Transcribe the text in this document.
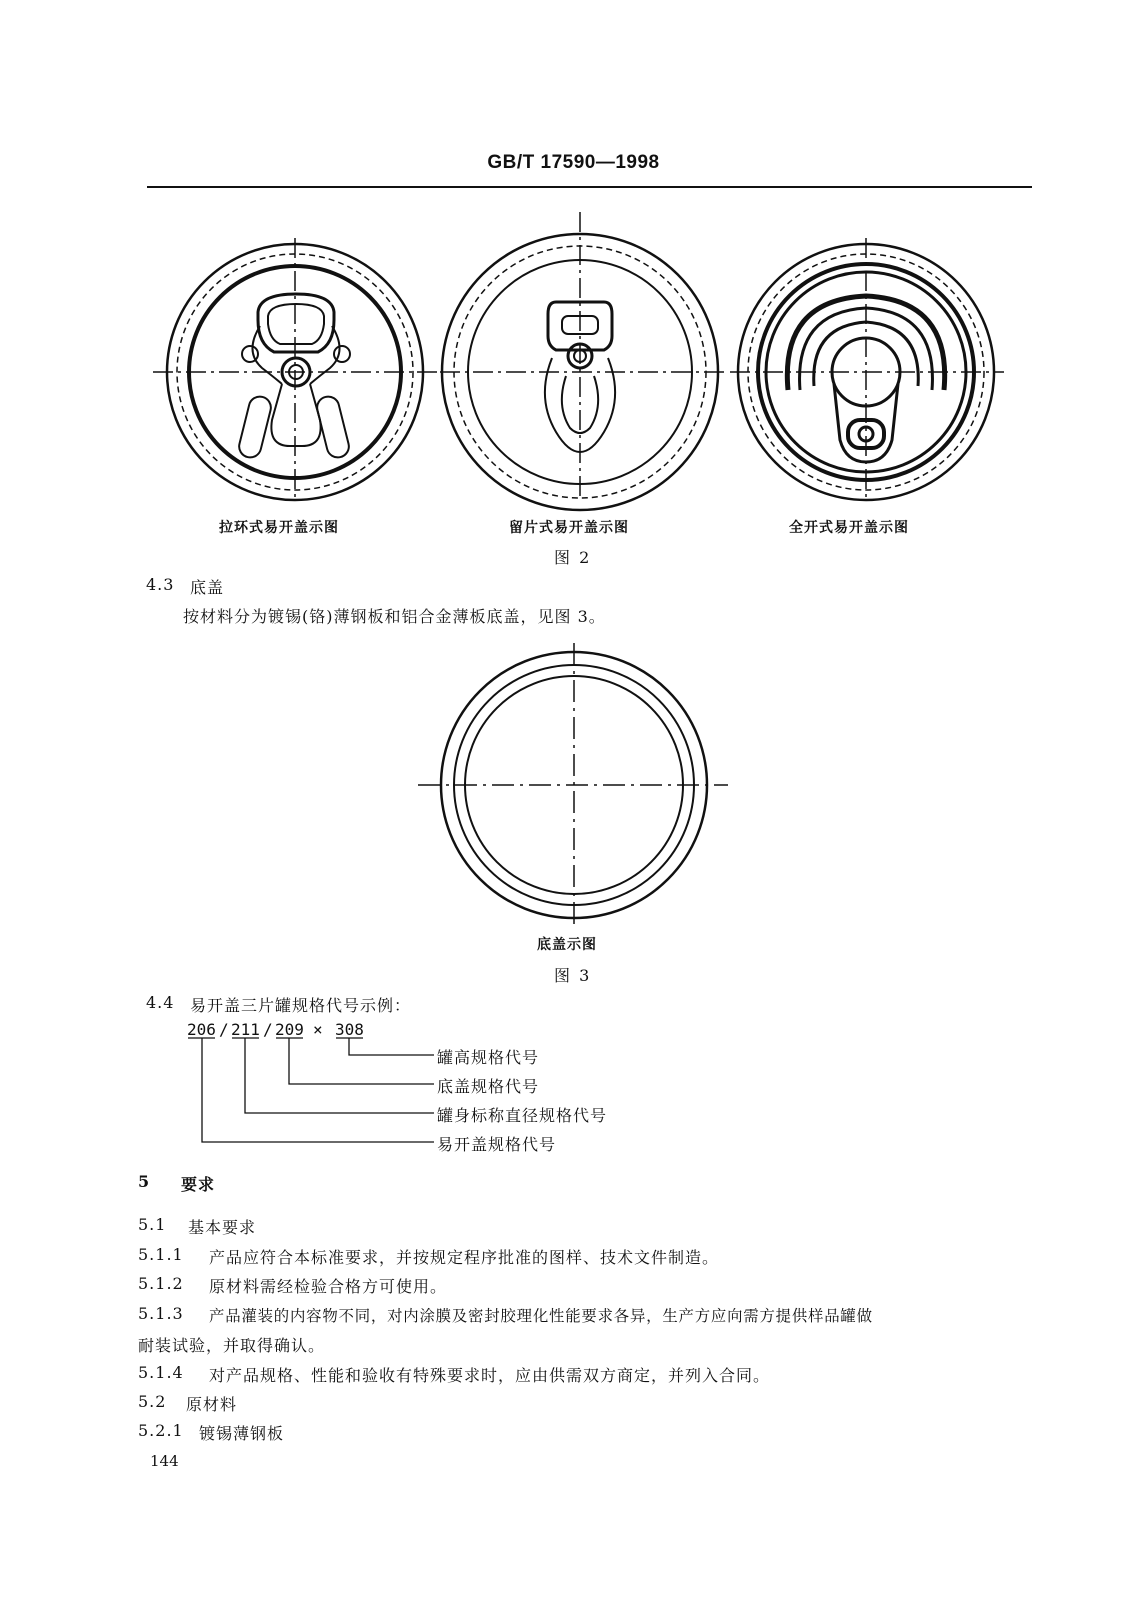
GB/T 17590—1998
拉环式易开盖示图	留片式易开盖示图	全开式易开盖示图
图 2
4.3 底盖
按材料分为镀锡(铬)薄钢板和铝合金薄板底盖，见图 3。
底盖示图
图 3
4.4 易开盖三片罐规格代号示例：
206 / 211 / 209 × 308
罐高规格代号
底盖规格代号
罐身标称直径规格代号
易开盖规格代号
5 要求
5.1 基本要求
5.1.1 产品应符合本标准要求，并按规定程序批准的图样、技术文件制造。
5.1.2 原材料需经检验合格方可使用。
5.1.3 产品灌装的内容物不同，对内涂膜及密封胶理化性能要求各异，生产方应向需方提供样品罐做
耐装试验，并取得确认。
5.1.4 对产品规格、性能和验收有特殊要求时，应由供需双方商定，并列入合同。
5.2 原材料
5.2.1 镀锡薄钢板
144
